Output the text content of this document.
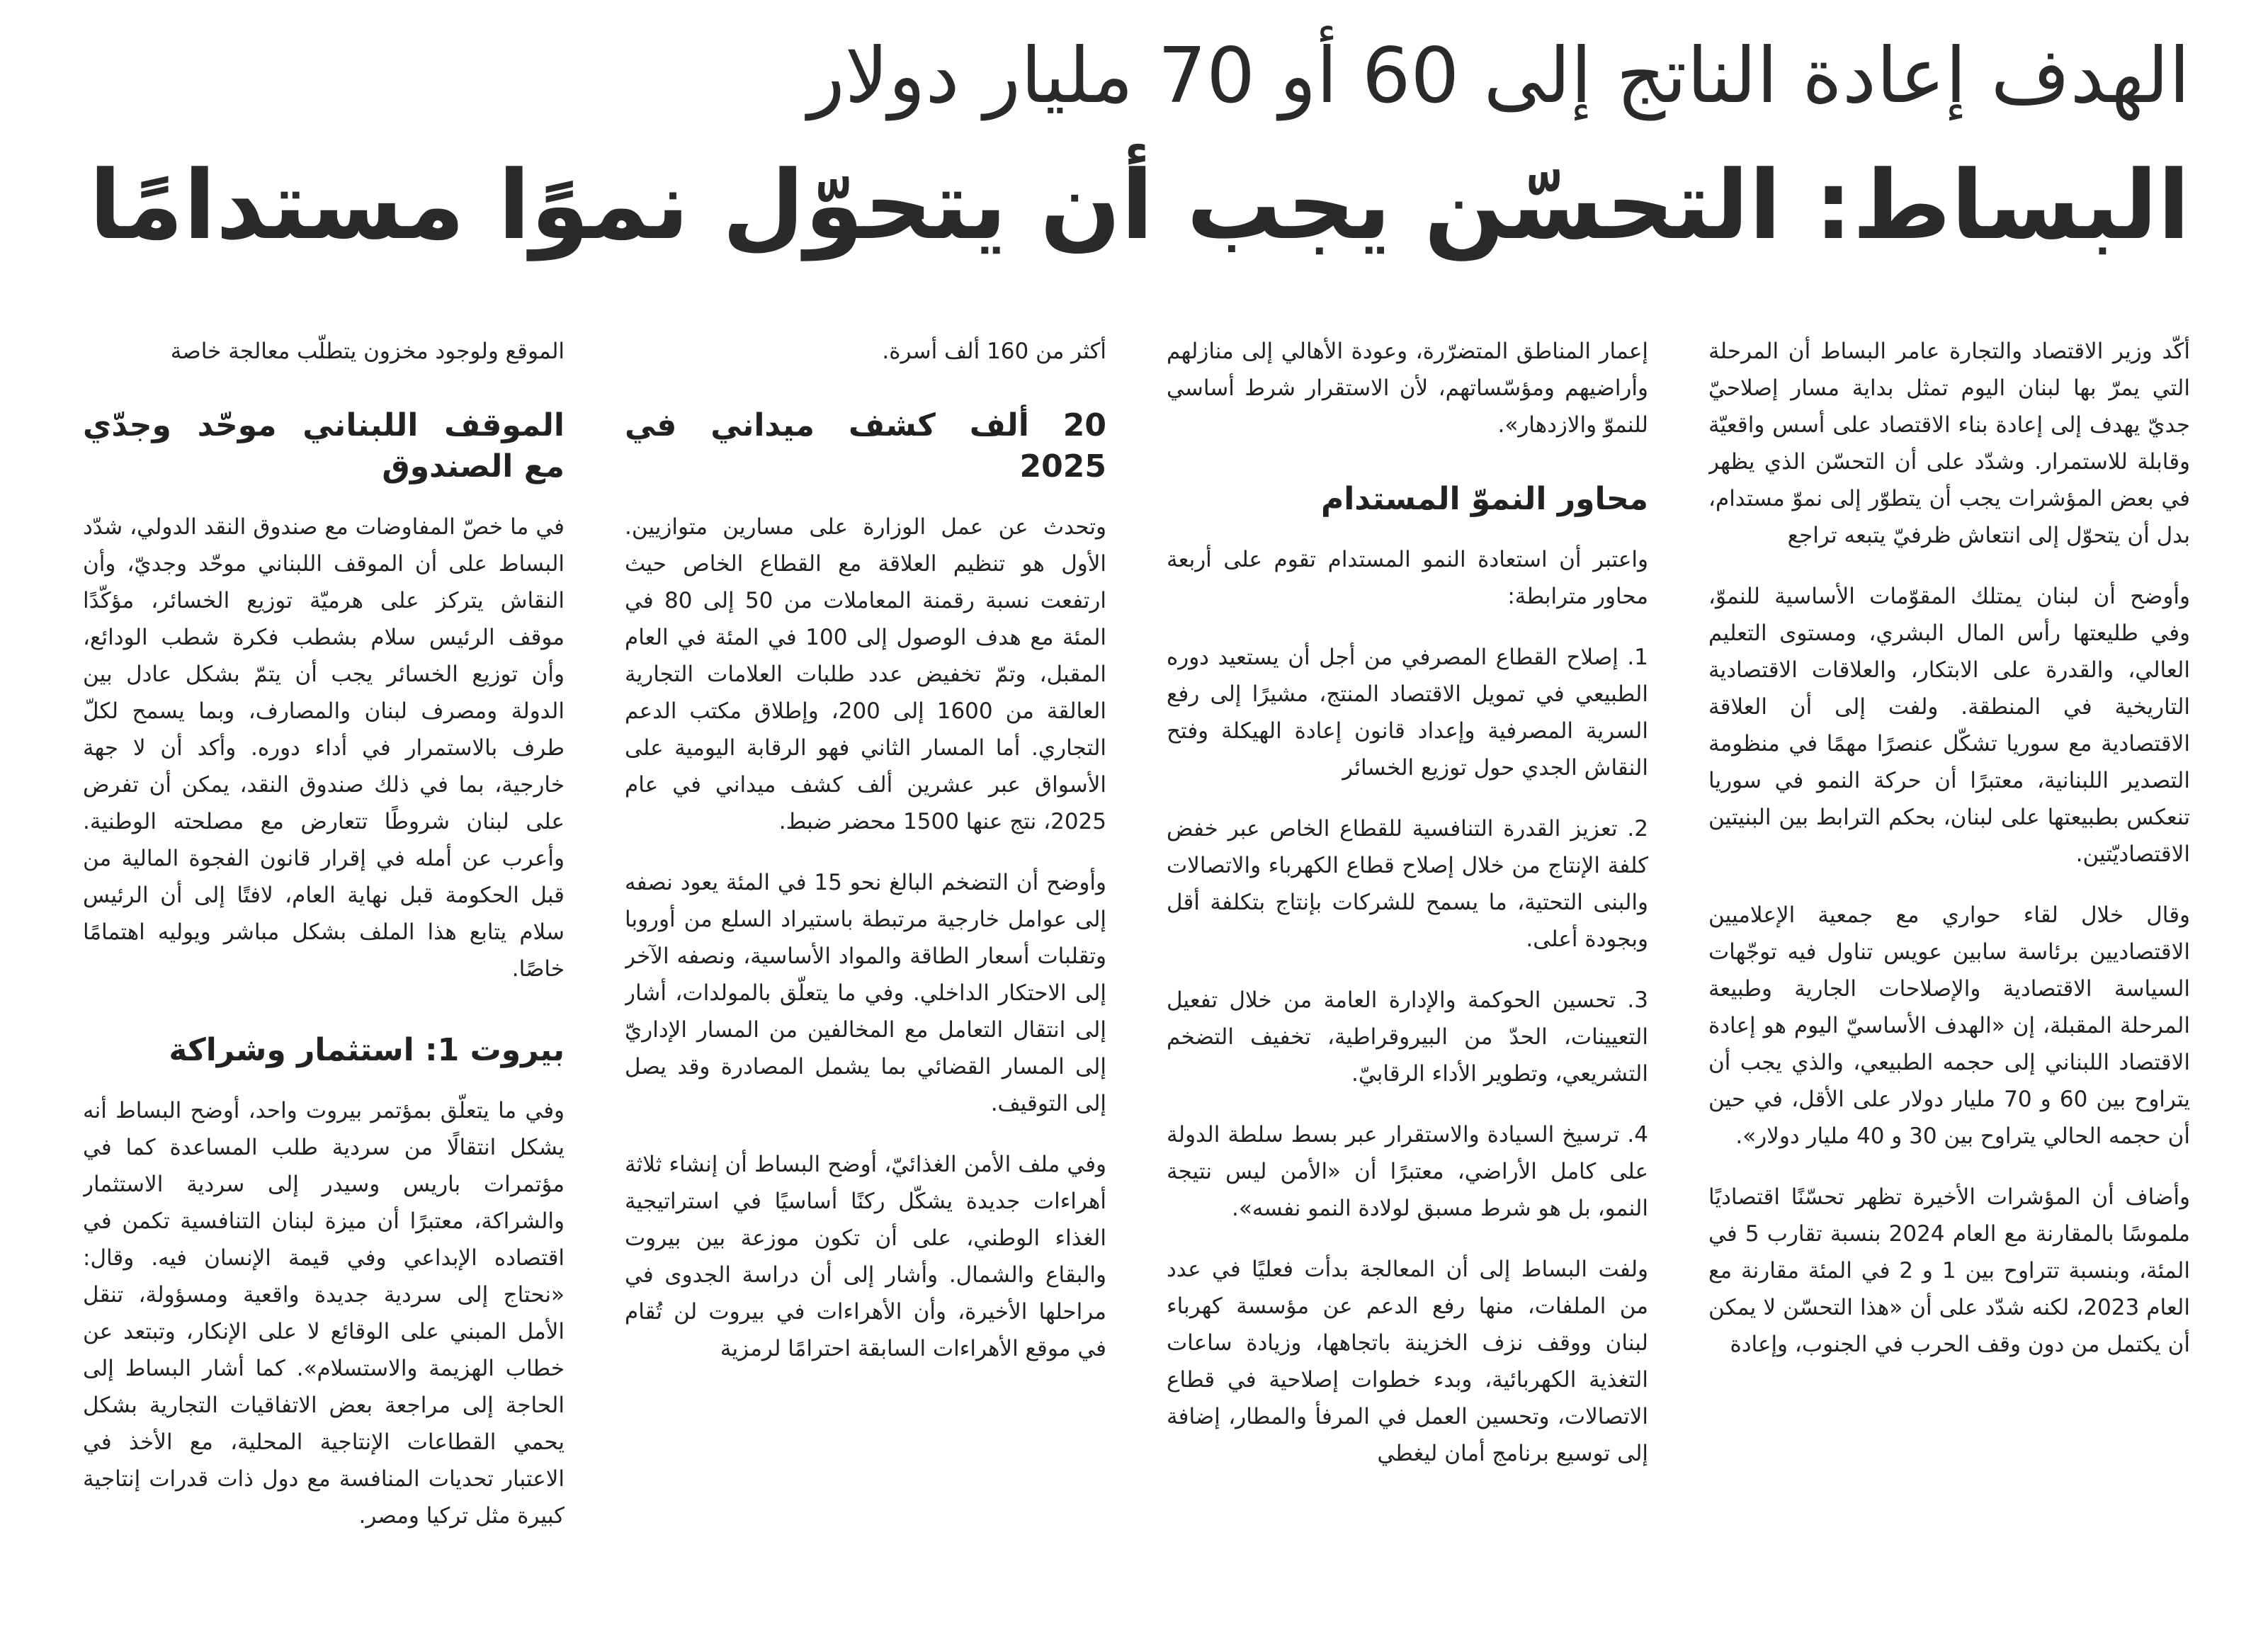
الهدف إعادة الناتج إلى 60 أو 70 مليار دولار
البساط: التحسّن يجب أن يتحوّل نموًا مستدامًا

أكّد وزير الاقتصاد والتجارة عامر البساط أن المرحلة التي يمرّ بها لبنان اليوم تمثل بداية مسار إصلاحيّ جديّ يهدف إلى إعادة بناء الاقتصاد على أسس واقعيّة وقابلة للاستمرار. وشدّد على أن التحسّن الذي يظهر في بعض المؤشرات يجب أن يتطوّر إلى نموّ مستدام، بدل أن يتحوّل إلى انتعاش ظرفيّ يتبعه تراجع

وأوضح أن لبنان يمتلك المقوّمات الأساسية للنموّ، وفي طليعتها رأس المال البشري، ومستوى التعليم العالي، والقدرة على الابتكار، والعلاقات الاقتصادية التاريخية في المنطقة. ولفت إلى أن العلاقة الاقتصادية مع سوريا تشكّل عنصرًا مهمًا في منظومة التصدير اللبنانية، معتبرًا أن حركة النمو في سوريا تنعكس بطبيعتها على لبنان، بحكم الترابط بين البنيتين الاقتصاديّتين.

وقال خلال لقاء حواري مع جمعية الإعلاميين الاقتصاديين برئاسة سابين عويس تناول فيه توجّهات السياسة الاقتصادية والإصلاحات الجارية وطبيعة المرحلة المقبلة، إن «الهدف الأساسيّ اليوم هو إعادة الاقتصاد اللبناني إلى حجمه الطبيعي، والذي يجب أن يتراوح بين 60 و 70 مليار دولار على الأقل، في حين أن حجمه الحالي يتراوح بين 30 و 40 مليار دولار».

وأضاف أن المؤشرات الأخيرة تظهر تحسّنًا اقتصاديًا ملموسًا بالمقارنة مع العام 2024 بنسبة تقارب 5 في المئة، وبنسبة تتراوح بين 1 و 2 في المئة مقارنة مع العام 2023، لكنه شدّد على أن «هذا التحسّن لا يمكن أن يكتمل من دون وقف الحرب في الجنوب، وإعادة

إعمار المناطق المتضرّرة، وعودة الأهالي إلى منازلهم وأراضيهم ومؤسّساتهم، لأن الاستقرار شرط أساسي للنموّ والازدهار».

محاور النموّ المستدام

واعتبر أن استعادة النمو المستدام تقوم على أربعة محاور مترابطة:

1. إصلاح القطاع المصرفي من أجل أن يستعيد دوره الطبيعي في تمويل الاقتصاد المنتج، مشيرًا إلى رفع السرية المصرفية وإعداد قانون إعادة الهيكلة وفتح النقاش الجدي حول توزيع الخسائر

2. تعزيز القدرة التنافسية للقطاع الخاص عبر خفض كلفة الإنتاج من خلال إصلاح قطاع الكهرباء والاتصالات والبنى التحتية، ما يسمح للشركات بإنتاج بتكلفة أقل وبجودة أعلى.

3. تحسين الحوكمة والإدارة العامة من خلال تفعيل التعيينات، الحدّ من البيروقراطية، تخفيف التضخم التشريعي، وتطوير الأداء الرقابيّ.

4. ترسيخ السيادة والاستقرار عبر بسط سلطة الدولة على كامل الأراضي، معتبرًا أن «الأمن ليس نتيجة النمو، بل هو شرط مسبق لولادة النمو نفسه».

ولفت البساط إلى أن المعالجة بدأت فعليًا في عدد من الملفات، منها رفع الدعم عن مؤسسة كهرباء لبنان ووقف نزف الخزينة باتجاهها، وزيادة ساعات التغذية الكهربائية، وبدء خطوات إصلاحية في قطاع الاتصالات، وتحسين العمل في المرفأ والمطار، إضافة إلى توسيع برنامج أمان ليغطي

أكثر من 160 ألف أسرة.

20 ألف كشف ميداني في 2025

وتحدث عن عمل الوزارة على مسارين متوازيين. الأول هو تنظيم العلاقة مع القطاع الخاص حيث ارتفعت نسبة رقمنة المعاملات من 50 إلى 80 في المئة مع هدف الوصول إلى 100 في المئة في العام المقبل، وتمّ تخفيض عدد طلبات العلامات التجارية العالقة من 1600 إلى 200، وإطلاق مكتب الدعم التجاري. أما المسار الثاني فهو الرقابة اليومية على الأسواق عبر عشرين ألف كشف ميداني في عام 2025، نتج عنها 1500 محضر ضبط.

وأوضح أن التضخم البالغ نحو 15 في المئة يعود نصفه إلى عوامل خارجية مرتبطة باستيراد السلع من أوروبا وتقلبات أسعار الطاقة والمواد الأساسية، ونصفه الآخر إلى الاحتكار الداخلي. وفي ما يتعلّق بالمولدات، أشار إلى انتقال التعامل مع المخالفين من المسار الإداريّ إلى المسار القضائي بما يشمل المصادرة وقد يصل إلى التوقيف.

وفي ملف الأمن الغذائيّ، أوضح البساط أن إنشاء ثلاثة أهراءات جديدة يشكّل ركنًا أساسيًا في استراتيجية الغذاء الوطني، على أن تكون موزعة بين بيروت والبقاع والشمال. وأشار إلى أن دراسة الجدوى في مراحلها الأخيرة، وأن الأهراءات في بيروت لن تُقام في موقع الأهراءات السابقة احترامًا لرمزية

الموقع ولوجود مخزون يتطلّب معالجة خاصة

الموقف اللبناني موحّد وجدّي مع الصندوق

في ما خصّ المفاوضات مع صندوق النقد الدولي، شدّد البساط على أن الموقف اللبناني موحّد وجديّ، وأن النقاش يتركز على هرميّة توزيع الخسائر، مؤكّدًا موقف الرئيس سلام بشطب فكرة شطب الودائع، وأن توزيع الخسائر يجب أن يتمّ بشكل عادل بين الدولة ومصرف لبنان والمصارف، وبما يسمح لكلّ طرف بالاستمرار في أداء دوره. وأكد أن لا جهة خارجية، بما في ذلك صندوق النقد، يمكن أن تفرض على لبنان شروطًا تتعارض مع مصلحته الوطنية. وأعرب عن أمله في إقرار قانون الفجوة المالية من قبل الحكومة قبل نهاية العام، لافتًا إلى أن الرئيس سلام يتابع هذا الملف بشكل مباشر ويوليه اهتمامًا خاصًا.

بيروت 1: استثمار وشراكة

وفي ما يتعلّق بمؤتمر بيروت واحد، أوضح البساط أنه يشكل انتقالًا من سردية طلب المساعدة كما في مؤتمرات باريس وسيدر إلى سردية الاستثمار والشراكة، معتبرًا أن ميزة لبنان التنافسية تكمن في اقتصاده الإبداعي وفي قيمة الإنسان فيه. وقال: «نحتاج إلى سردية جديدة واقعية ومسؤولة، تنقل الأمل المبني على الوقائع لا على الإنكار، وتبتعد عن خطاب الهزيمة والاستسلام». كما أشار البساط إلى الحاجة إلى مراجعة بعض الاتفاقيات التجارية بشكل يحمي القطاعات الإنتاجية المحلية، مع الأخذ في الاعتبار تحديات المنافسة مع دول ذات قدرات إنتاجية كبيرة مثل تركيا ومصر.
